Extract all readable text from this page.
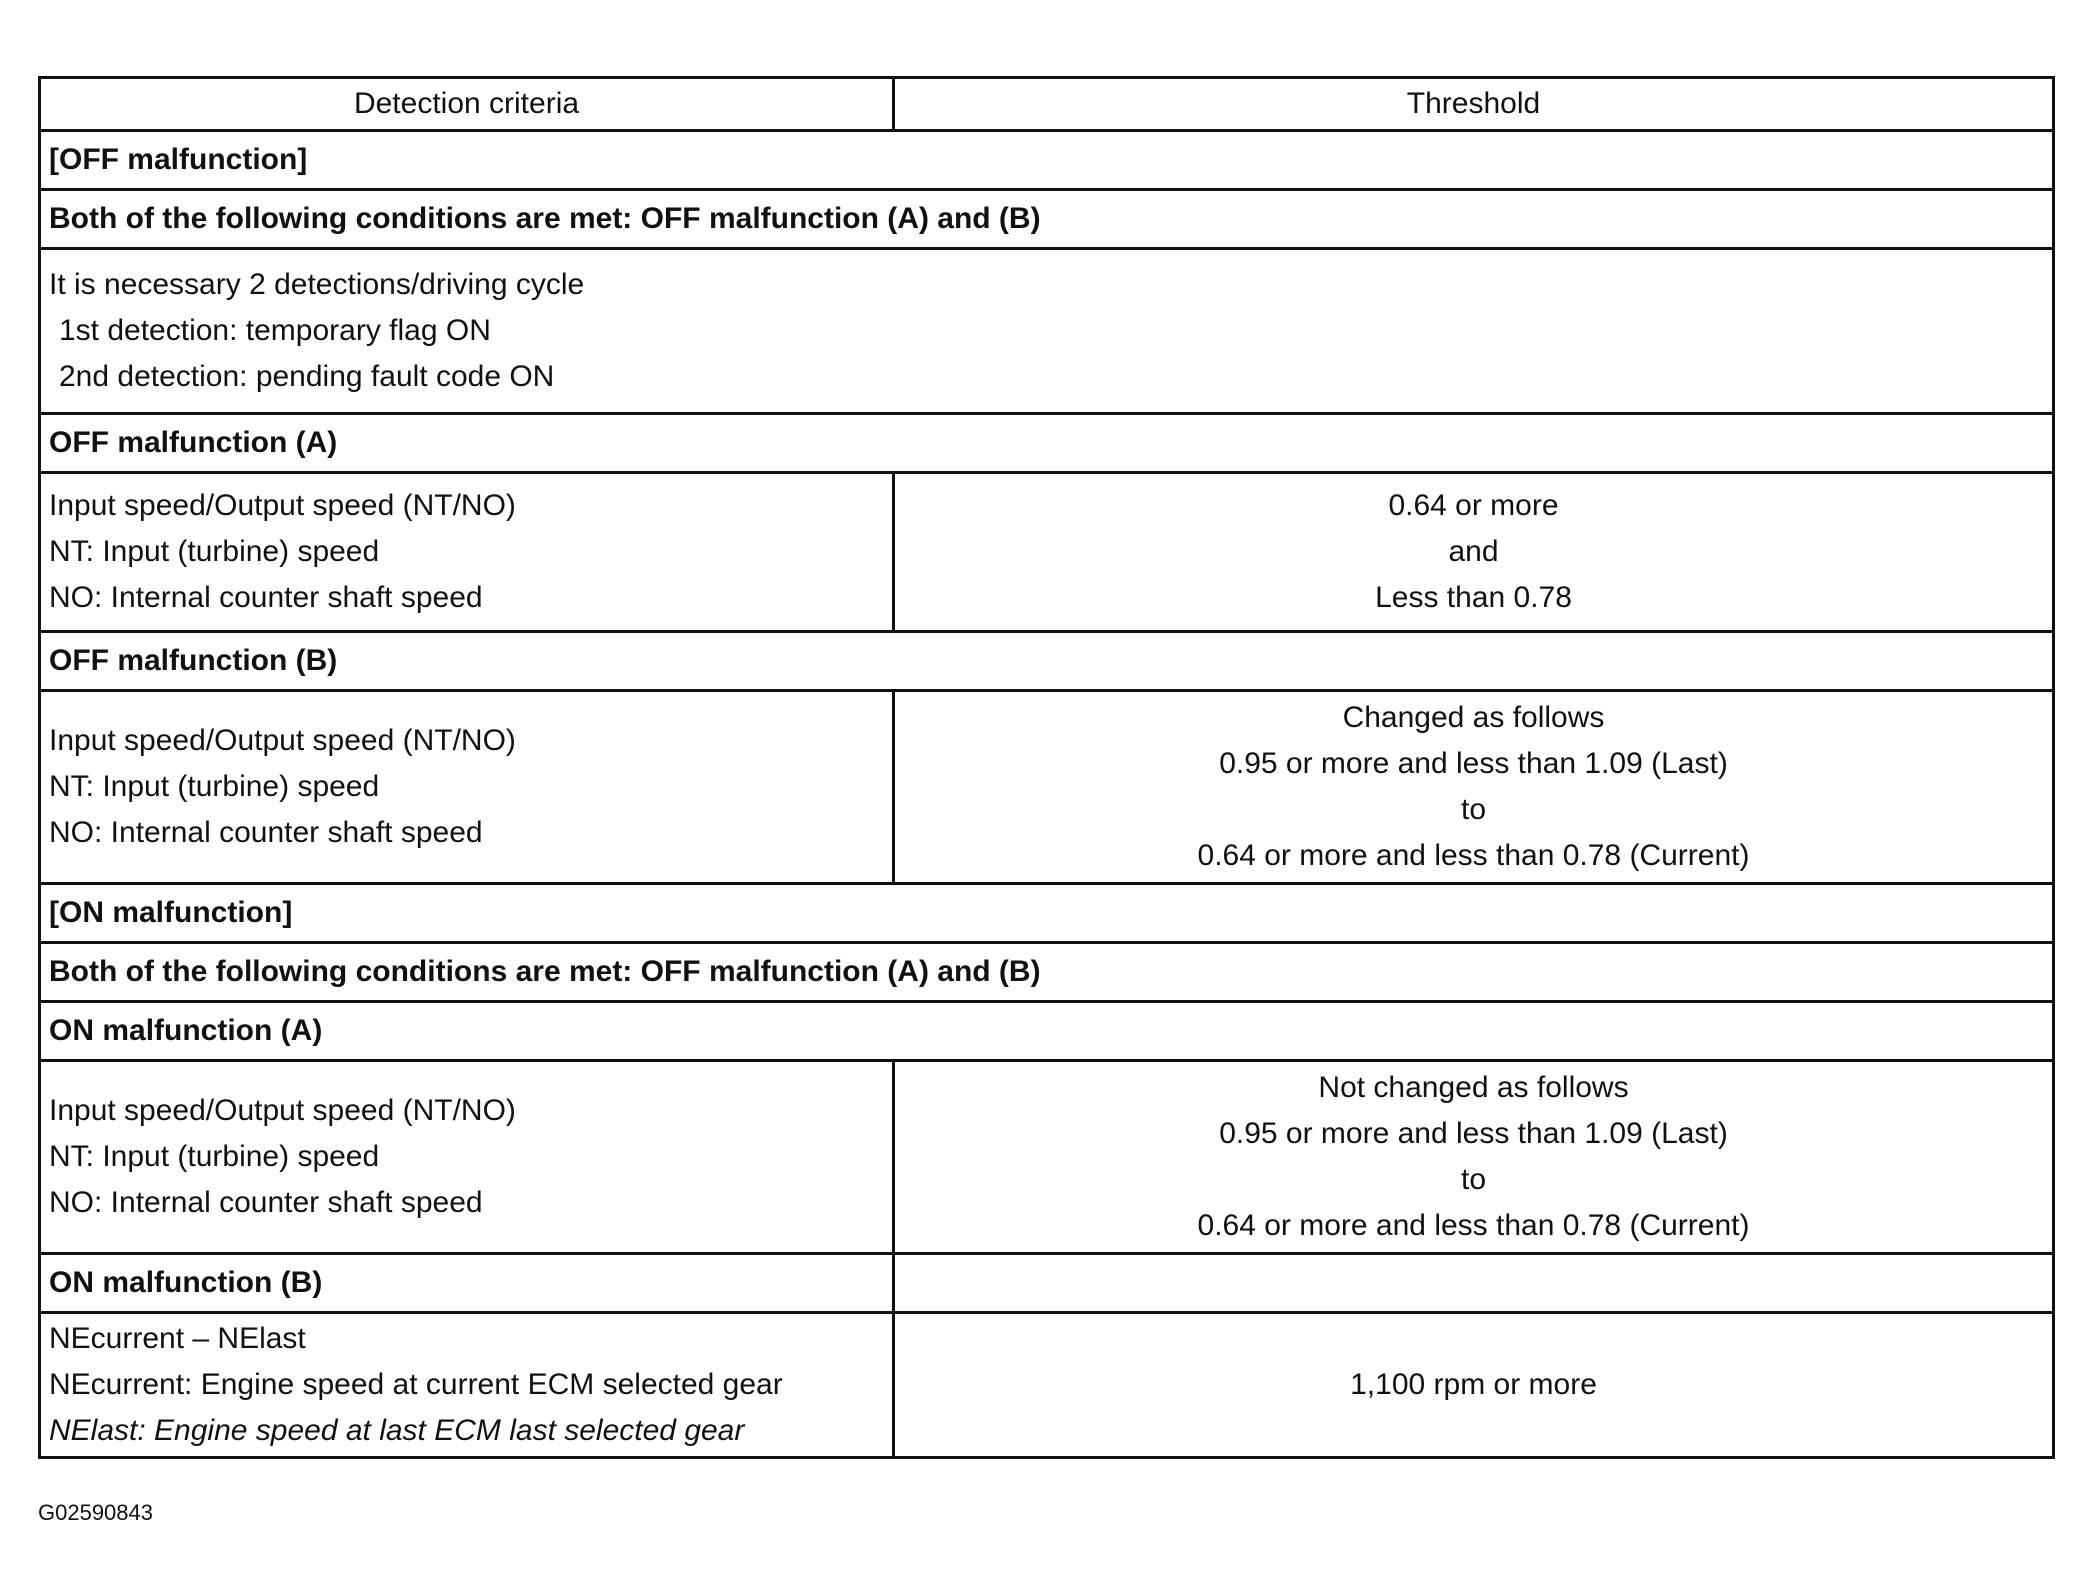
Detection criteria	Threshold
[OFF malfunction]	
Both of the following conditions are met: OFF malfunction (A) and (B)	

It is necessary 2 detections/driving cycle
1st detection: temporary flag ON
2nd detection: pending fault code ON	

OFF malfunction (A)	

Input speed/Output speed (NT/NO)
NT: Input (turbine) speed
NO: Internal counter shaft speed	0.64 or more
and
Less than 0.78

OFF malfunction (B)	

Input speed/Output speed (NT/NO)
NT: Input (turbine) speed
NO: Internal counter shaft speed	Changed as follows
0.95 or more and less than 1.09 (Last)
to
0.64 or more and less than 0.78 (Current)

[ON malfunction]	
Both of the following conditions are met: OFF malfunction (A) and (B)	
ON malfunction (A)	

Input speed/Output speed (NT/NO)
NT: Input (turbine) speed
NO: Internal counter shaft speed	Not changed as follows
0.95 or more and less than 1.09 (Last)
to
0.64 or more and less than 0.78 (Current)

ON malfunction (B)	

NEcurrent – NElast
NEcurrent: Engine speed at current ECM selected gear
NElast: Engine speed at last ECM last selected gear	1,100 rpm or more
G02590843
